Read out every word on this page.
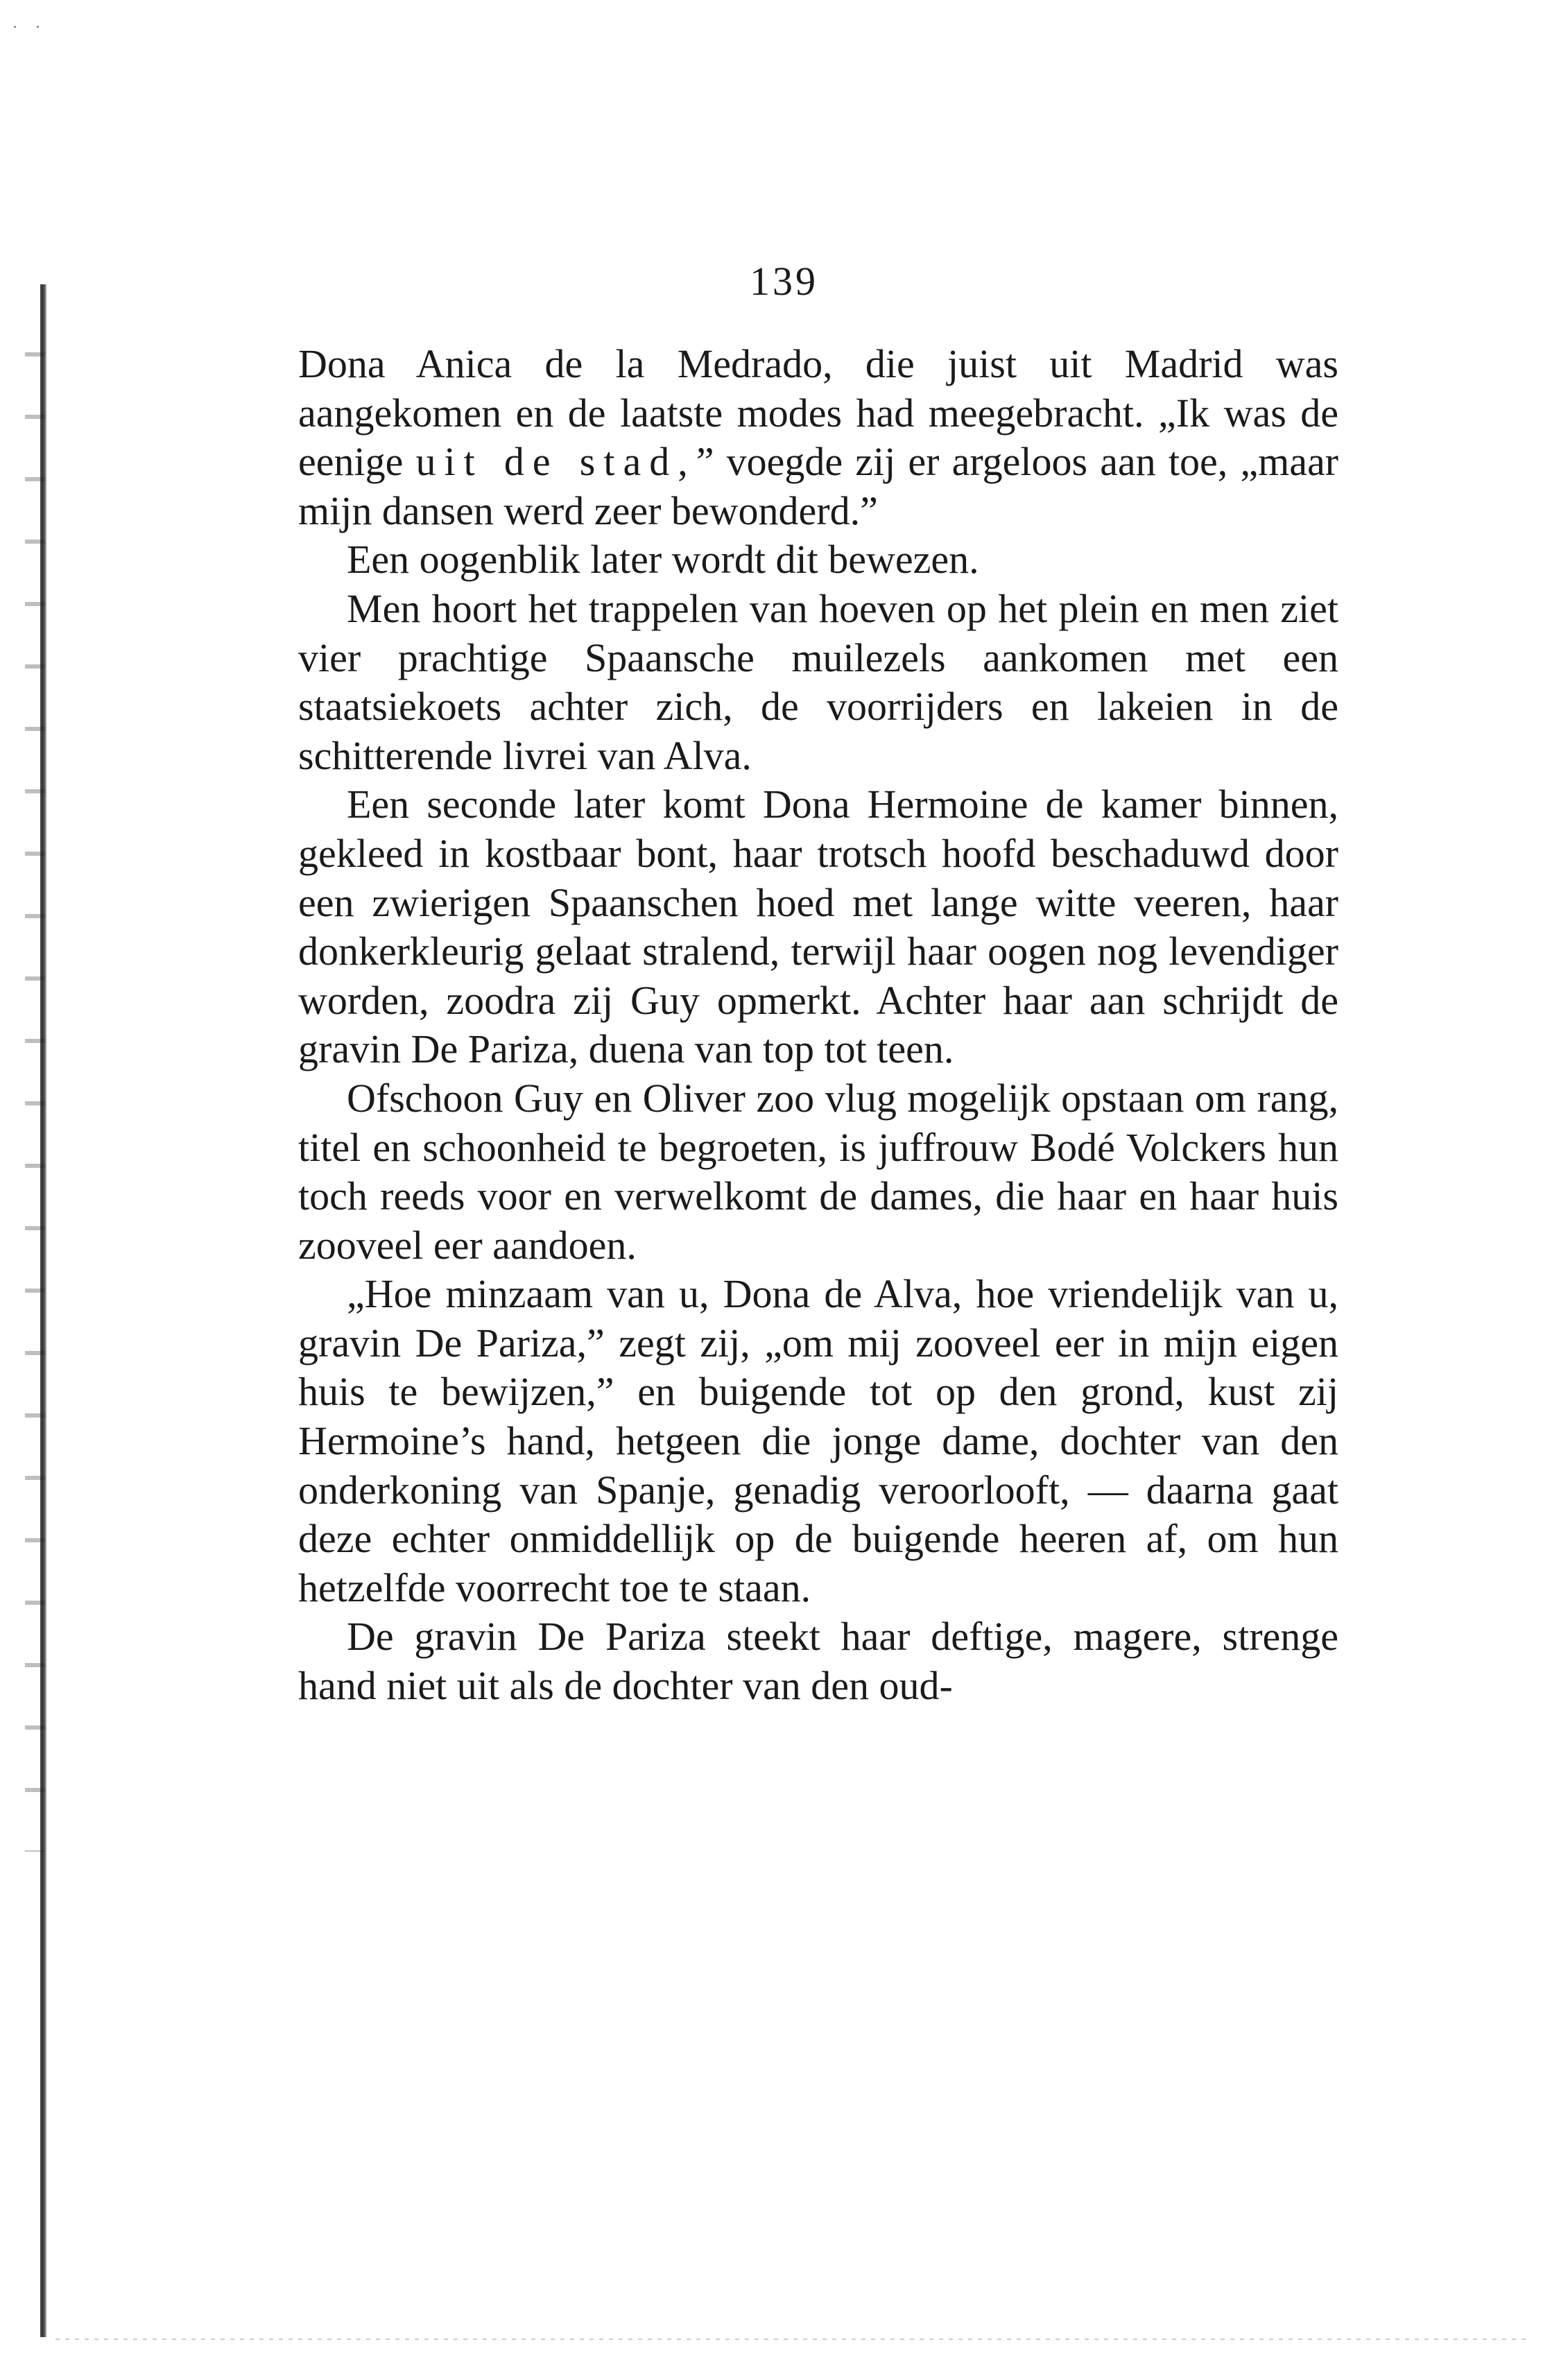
· ·
139

Dona Anica de la Medrado, die juist uit Madrid was aangekomen en de laatste modes had meegebracht. „Ik was de eenige uit de stad,” voegde zij er argeloos aan toe, „maar mijn dansen werd zeer bewonderd.”

Een oogenblik later wordt dit bewezen.

Men hoort het trappelen van hoeven op het plein en men ziet vier prachtige Spaansche muilezels aankomen met een staatsiekoets achter zich, de voorrijders en lakeien in de schitterende livrei van Alva.

Een seconde later komt Dona Hermoine de kamer binnen, gekleed in kostbaar bont, haar trotsch hoofd beschaduwd door een zwierigen Spaanschen hoed met lange witte veeren, haar donkerkleurig gelaat stralend, terwijl haar oogen nog levendiger worden, zoodra zij Guy opmerkt. Achter haar aan schrijdt de gravin De Pariza, duena van top tot teen.

Ofschoon Guy en Oliver zoo vlug mogelijk opstaan om rang, titel en schoonheid te begroeten, is juffrouw Bodé Volckers hun toch reeds voor en verwelkomt de dames, die haar en haar huis zooveel eer aandoen.

„Hoe minzaam van u, Dona de Alva, hoe vriendelijk van u, gravin De Pariza,” zegt zij, „om mij zooveel eer in mijn eigen huis te bewijzen,” en buigende tot op den grond, kust zij Hermoine’s hand, hetgeen die jonge dame, dochter van den onderkoning van Spanje, genadig veroorlooft, — daarna gaat deze echter onmiddellijk op de buigende heeren af, om hun hetzelfde voorrecht toe te staan.

De gravin De Pariza steekt haar deftige, magere, strenge hand niet uit als de dochter van den oud-
